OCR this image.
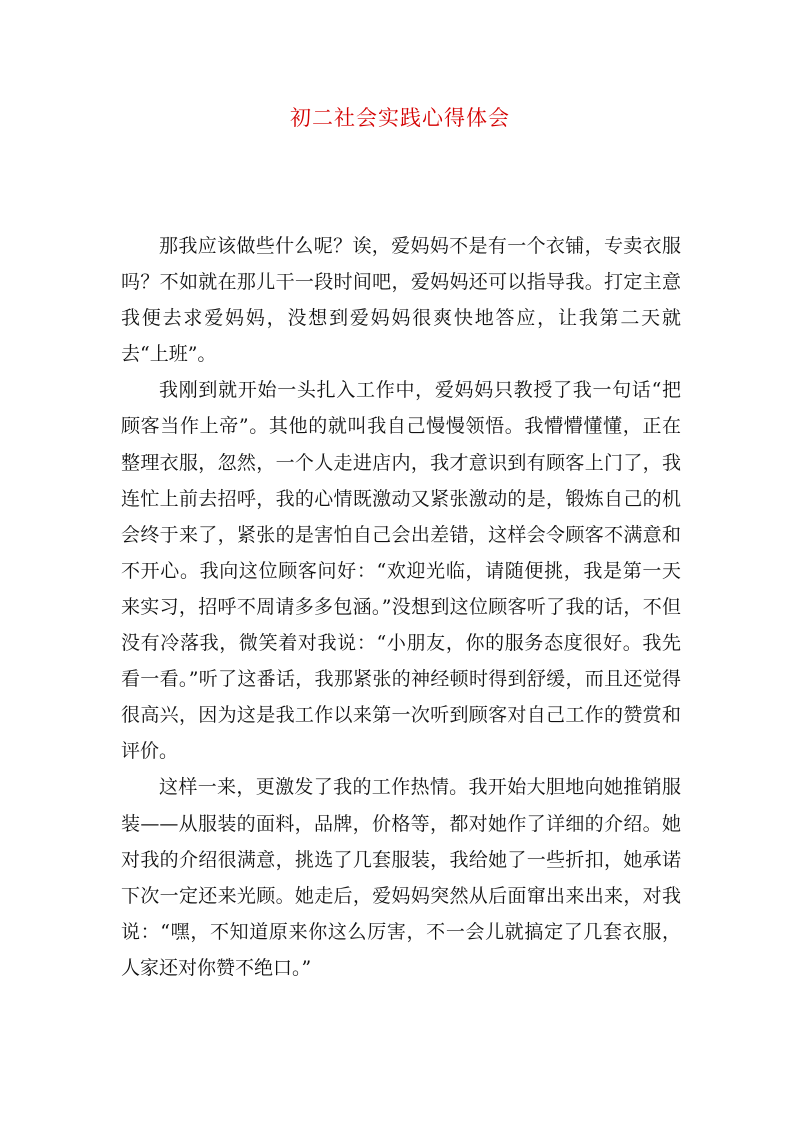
初二社会实践心得体会

那我应该做些什么呢？诶，爱妈妈不是有一个衣铺，专卖衣服吗？不如就在那儿干一段时间吧，爱妈妈还可以指导我。打定主意我便去求爱妈妈，没想到爱妈妈很爽快地答应，让我第二天就去“上班”。

我刚到就开始一头扎入工作中，爱妈妈只教授了我一句话“把顾客当作上帝”。其他的就叫我自己慢慢领悟。我懵懵懂懂，正在整理衣服，忽然，一个人走进店内，我才意识到有顾客上门了，我连忙上前去招呼，我的心情既激动又紧张激动的是，锻炼自己的机会终于来了，紧张的是害怕自己会出差错，这样会令顾客不满意和不开心。我向这位顾客问好：“欢迎光临，请随便挑，我是第一天来实习，招呼不周请多多包涵。”没想到这位顾客听了我的话，不但没有冷落我，微笑着对我说：“小朋友，你的服务态度很好。我先看一看。”听了这番话，我那紧张的神经顿时得到舒缓，而且还觉得很高兴，因为这是我工作以来第一次听到顾客对自己工作的赞赏和评价。

这样一来，更激发了我的工作热情。我开始大胆地向她推销服装——从服装的面料，品牌，价格等，都对她作了详细的介绍。她对我的介绍很满意，挑选了几套服装，我给她了一些折扣，她承诺下次一定还来光顾。她走后，爱妈妈突然从后面窜出来出来，对我说：“嘿，不知道原来你这么厉害，不一会儿就搞定了几套衣服，人家还对你赞不绝口。”
